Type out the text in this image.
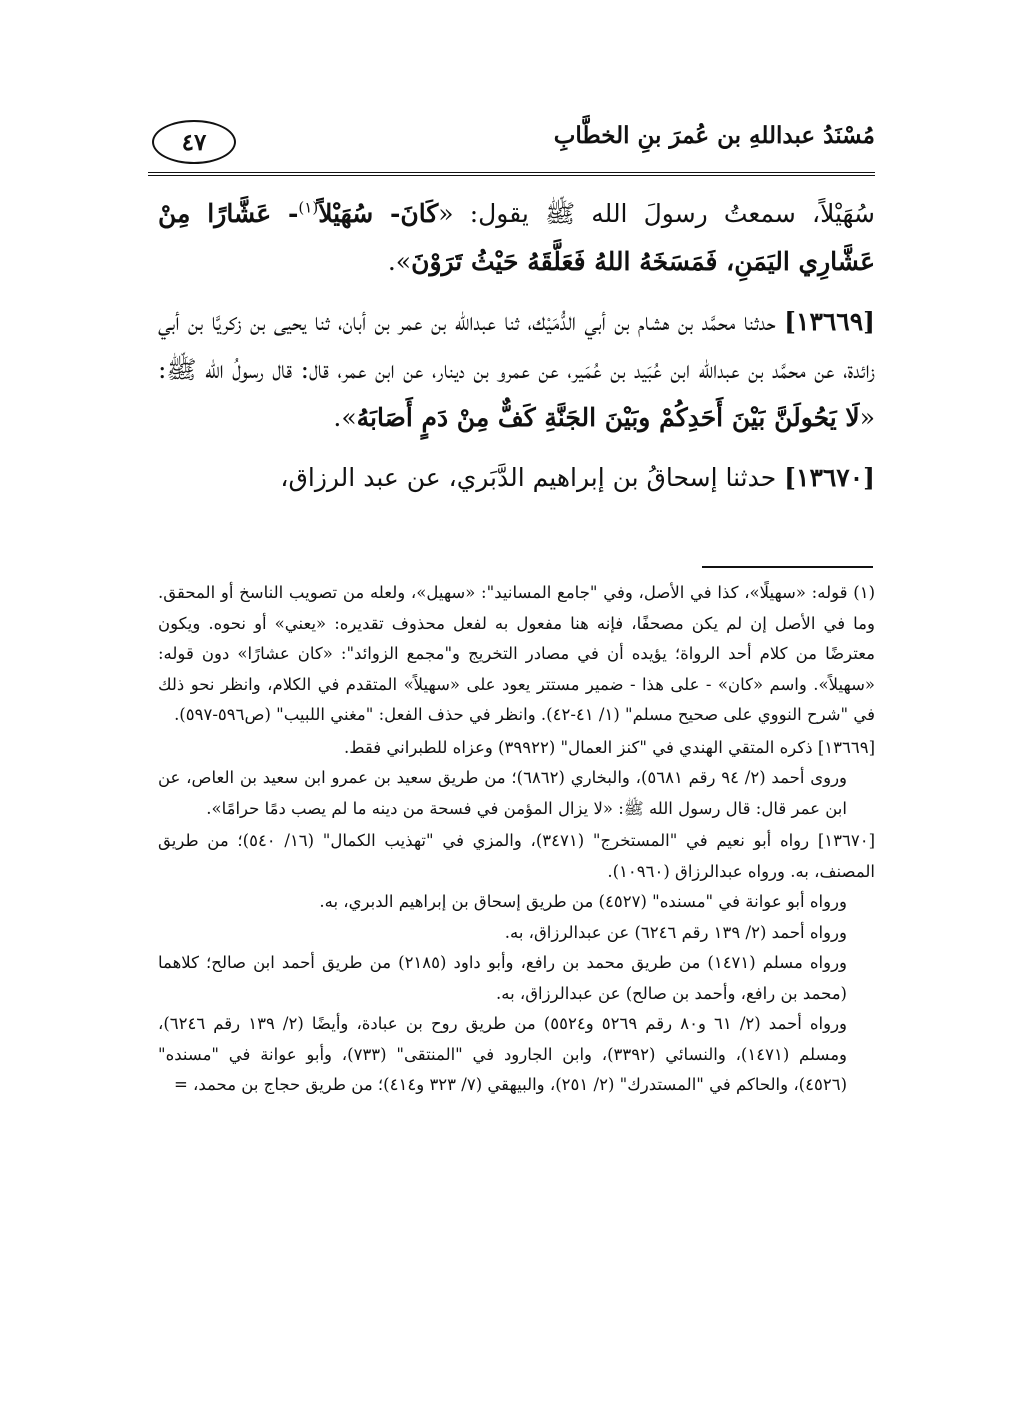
مُسْنَدُ عبداللهِ بن عُمرَ بنِ الخطَّابِ
٤٧

سُهَيْلاً، سمعتُ رسولَ الله ﷺ يقول: «كَانَ- سُهَيْلاً$^{(١)}$- عَشَّارًا مِنْ عَشَّارِي اليَمَنِ، فَمَسَخَهُ اللهُ فَعَلَّقَهُ حَيْثُ تَرَوْنَ».

[١٣٦٦٩] حدثنا محمَّد بن هشام بن أبي الدُّمَيْك، ثنا عبدالله بن عمر بن أبان، ثنا يحيى بن زكريَّا بن أبي زائدة، عن محمَّد بن عبدالله ابن عُبَيد بن عُمَير، عن عمرو بن دينار، عن ابن عمر، قال: قال رسولُ الله ﷺ: «لَا يَحُولَنَّ بَيْنَ أَحَدِكُمْ وبَيْنَ الجَنَّةِ كَفٌّ مِنْ دَمٍ أَصَابَهُ».

[١٣٦٧٠] حدثنا إسحاقُ بن إبراهيم الدَّبَري، عن عبد الرزاق،

(١) قوله: «سهيلًا»، كذا في الأصل، وفي "جامع المسانيد": «سهيل»، ولعله من تصويب الناسخ أو المحقق. وما في الأصل إن لم يكن مصحفًا، فإنه هنا مفعول به لفعل محذوف تقديره: «يعني» أو نحوه. ويكون معترضًا من كلام أحد الرواة؛ يؤيده أن في مصادر التخريج و"مجمع الزوائد": «كان عشارًا» دون قوله: «سهيلاً». واسم «كان» - على هذا - ضمير مستتر يعود على «سهيلاً» المتقدم في الكلام، وانظر نحو ذلك في "شرح النووي على صحيح مسلم" (١/ ٤١-٤٢). وانظر في حذف الفعل: "مغني اللبيب" (ص٥٩٦-٥٩٧).

[١٣٦٦٩] ذكره المتقي الهندي في "كنز العمال" (٣٩٩٢٢) وعزاه للطبراني فقط.

وروى أحمد (٢/ ٩٤ رقم ٥٦٨١)، والبخاري (٦٨٦٢)؛ من طريق سعيد بن عمرو ابن سعيد بن العاص، عن ابن عمر قال: قال رسول الله ﷺ: «لا يزال المؤمن في فسحة من دينه ما لم يصب دمًا حرامًا».

[١٣٦٧٠] رواه أبو نعيم في "المستخرج" (٣٤٧١)، والمزي في "تهذيب الكمال" (١٦/ ٥٤٠)؛ من طريق المصنف، به. ورواه عبدالرزاق (١٠٩٦٠).

ورواه أبو عوانة في "مسنده" (٤٥٢٧) من طريق إسحاق بن إبراهيم الدبري، به.

ورواه أحمد (٢/ ١٣٩ رقم ٦٢٤٦) عن عبدالرزاق، به.

ورواه مسلم (١٤٧١) من طريق محمد بن رافع، وأبو داود (٢١٨٥) من طريق أحمد ابن صالح؛ كلاهما (محمد بن رافع، وأحمد بن صالح) عن عبدالرزاق، به.

ورواه أحمد (٢/ ٦١ و٨٠ رقم ٥٢٦٩ و٥٥٢٤) من طريق روح بن عبادة، وأيضًا (٢/ ١٣٩ رقم ٦٢٤٦)، ومسلم (١٤٧١)، والنسائي (٣٣٩٢)، وابن الجارود في "المنتقى" (٧٣٣)، وأبو عوانة في "مسنده" (٤٥٢٦)، والحاكم في "المستدرك" (٢/ ٢٥١)، والبيهقي (٧/ ٣٢٣ و٤١٤)؛ من طريق حجاج بن محمد، =
